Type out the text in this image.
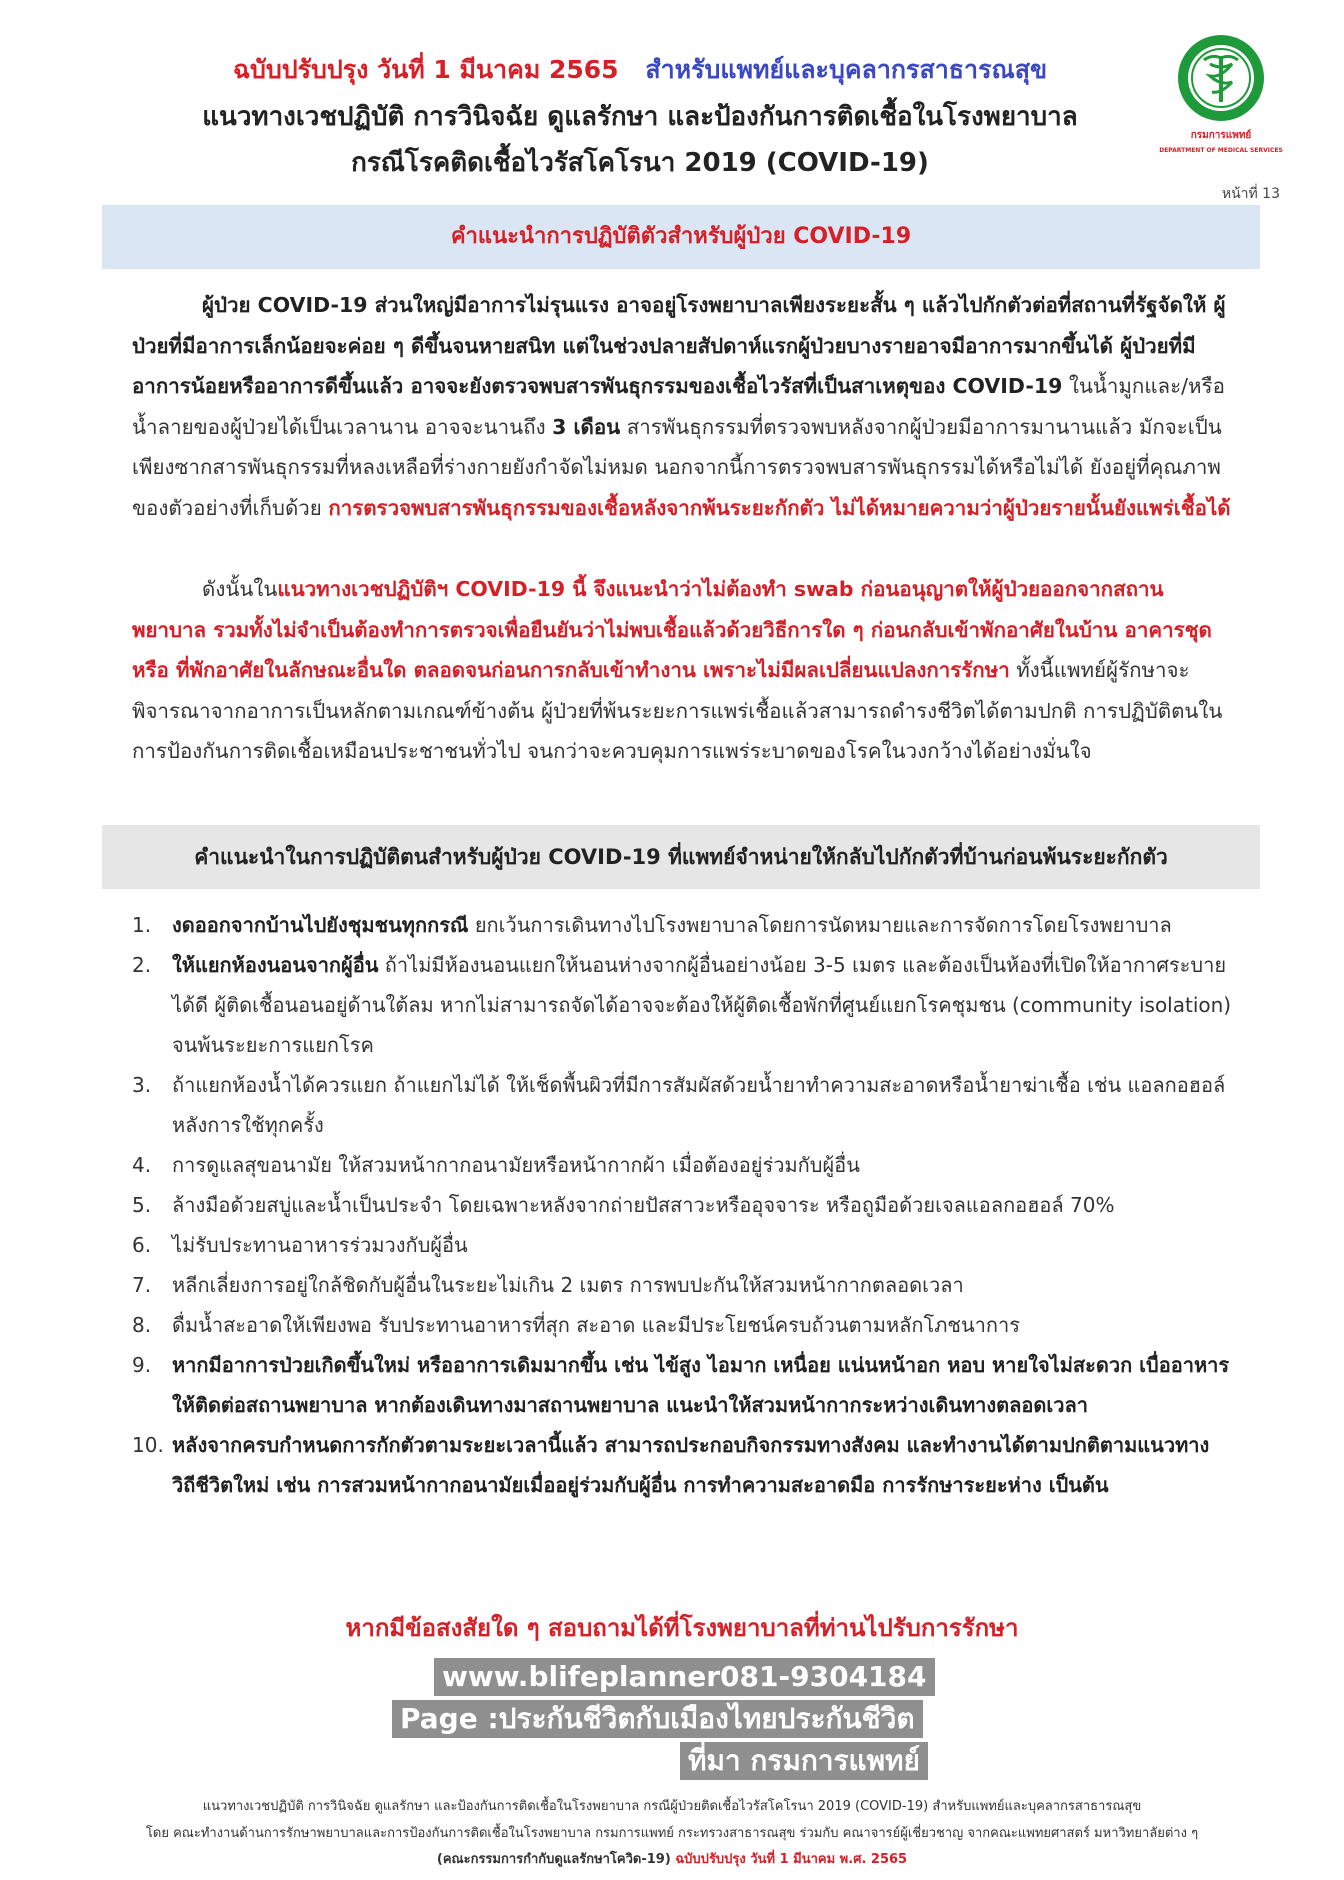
ฉบับปรับปรุง วันที่ 1 มีนาคม 2565 สำหรับแพทย์และบุคลากรสาธารณสุข
แนวทางเวชปฏิบัติ การวินิจฉัย ดูแลรักษา และป้องกันการติดเชื้อในโรงพยาบาล
กรณีโรคติดเชื้อไวรัสโคโรนา 2019 (COVID-19)
กรมการแพทย์
DEPARTMENT OF MEDICAL SERVICES
หน้าที่ 13
คำแนะนำการปฏิบัติตัวสำหรับผู้ป่วย COVID-19
ผู้ป่วย COVID-19 ส่วนใหญ่มีอาการไม่รุนแรง อาจอยู่โรงพยาบาลเพียงระยะสั้น ๆ แล้วไปกักตัวต่อที่สถานที่รัฐจัดให้ ผู้ป่วยที่มีอาการเล็กน้อยจะค่อย ๆ ดีขึ้นจนหายสนิท แต่ในช่วงปลายสัปดาห์แรกผู้ป่วยบางรายอาจมีอาการมากขึ้นได้ ผู้ป่วยที่มีอาการน้อยหรืออาการดีขึ้นแล้ว อาจจะยังตรวจพบสารพันธุกรรมของเชื้อไวรัสที่เป็นสาเหตุของ COVID-19 ในน้ำมูกและ/หรือน้ำลายของผู้ป่วยได้เป็นเวลานาน อาจจะนานถึง 3 เดือน สารพันธุกรรมที่ตรวจพบหลังจากผู้ป่วยมีอาการมานานแล้ว มักจะเป็นเพียงซากสารพันธุกรรมที่หลงเหลือที่ร่างกายยังกำจัดไม่หมด นอกจากนี้การตรวจพบสารพันธุกรรมได้หรือไม่ได้ ยังอยู่ที่คุณภาพของตัวอย่างที่เก็บด้วย การตรวจพบสารพันธุกรรมของเชื้อหลังจากพ้นระยะกักตัว ไม่ได้หมายความว่าผู้ป่วยรายนั้นยังแพร่เชื้อได้
ดังนั้นในแนวทางเวชปฏิบัติฯ COVID-19 นี้ จึงแนะนำว่าไม่ต้องทำ swab ก่อนอนุญาตให้ผู้ป่วยออกจากสถานพยาบาล รวมทั้งไม่จำเป็นต้องทำการตรวจเพื่อยืนยันว่าไม่พบเชื้อแล้วด้วยวิธีการใด ๆ ก่อนกลับเข้าพักอาศัยในบ้าน อาคารชุด หรือ ที่พักอาศัยในลักษณะอื่นใด ตลอดจนก่อนการกลับเข้าทำงาน เพราะไม่มีผลเปลี่ยนแปลงการรักษา ทั้งนี้แพทย์ผู้รักษาจะพิจารณาจากอาการเป็นหลักตามเกณฑ์ข้างต้น ผู้ป่วยที่พ้นระยะการแพร่เชื้อแล้วสามารถดำรงชีวิตได้ตามปกติ การปฏิบัติตนในการป้องกันการติดเชื้อเหมือนประชาชนทั่วไป จนกว่าจะควบคุมการแพร่ระบาดของโรคในวงกว้างได้อย่างมั่นใจ
คำแนะนำในการปฏิบัติตนสำหรับผู้ป่วย COVID-19 ที่แพทย์จำหน่ายให้กลับไปกักตัวที่บ้านก่อนพ้นระยะกักตัว
1. งดออกจากบ้านไปยังชุมชนทุกกรณี ยกเว้นการเดินทางไปโรงพยาบาลโดยการนัดหมายและการจัดการโดยโรงพยาบาล
2. ให้แยกห้องนอนจากผู้อื่น ถ้าไม่มีห้องนอนแยกให้นอนห่างจากผู้อื่นอย่างน้อย 3-5 เมตร และต้องเป็นห้องที่เปิดให้อากาศระบายได้ดี ผู้ติดเชื้อนอนอยู่ด้านใต้ลม หากไม่สามารถจัดได้อาจจะต้องให้ผู้ติดเชื้อพักที่ศูนย์แยกโรคชุมชน (community isolation) จนพ้นระยะการแยกโรค
3. ถ้าแยกห้องน้ำได้ควรแยก ถ้าแยกไม่ได้ ให้เช็ดพื้นผิวที่มีการสัมผัสด้วยน้ำยาทำความสะอาดหรือน้ำยาฆ่าเชื้อ เช่น แอลกอฮอล์หลังการใช้ทุกครั้ง
4. การดูแลสุขอนามัย ให้สวมหน้ากากอนามัยหรือหน้ากากผ้า เมื่อต้องอยู่ร่วมกับผู้อื่น
5. ล้างมือด้วยสบู่และน้ำเป็นประจำ โดยเฉพาะหลังจากถ่ายปัสสาวะหรืออุจจาระ หรือถูมือด้วยเจลแอลกอฮอล์ 70%
6. ไม่รับประทานอาหารร่วมวงกับผู้อื่น
7. หลีกเลี่ยงการอยู่ใกล้ชิดกับผู้อื่นในระยะไม่เกิน 2 เมตร การพบปะกันให้สวมหน้ากากตลอดเวลา
8. ดื่มน้ำสะอาดให้เพียงพอ รับประทานอาหารที่สุก สะอาด และมีประโยชน์ครบถ้วนตามหลักโภชนาการ
9. หากมีอาการป่วยเกิดขึ้นใหม่ หรืออาการเดิมมากขึ้น เช่น ไข้สูง ไอมาก เหนื่อย แน่นหน้าอก หอบ หายใจไม่สะดวก เบื่ออาหาร ให้ติดต่อสถานพยาบาล หากต้องเดินทางมาสถานพยาบาล แนะนำให้สวมหน้ากากระหว่างเดินทางตลอดเวลา
10. หลังจากครบกำหนดการกักตัวตามระยะเวลานี้แล้ว สามารถประกอบกิจกรรมทางสังคม และทำงานได้ตามปกติตามแนวทางวิถีชีวิตใหม่ เช่น การสวมหน้ากากอนามัยเมื่ออยู่ร่วมกับผู้อื่น การทำความสะอาดมือ การรักษาระยะห่าง เป็นต้น
หากมีข้อสงสัยใด ๆ สอบถามได้ที่โรงพยาบาลที่ท่านไปรับการรักษา
www.blifeplanner081-9304184
Page :ประกันชีวิตกับเมืองไทยประกันชีวิต
ที่มา กรมการแพทย์
แนวทางเวชปฏิบัติ การวินิจฉัย ดูแลรักษา และป้องกันการติดเชื้อในโรงพยาบาล กรณีผู้ป่วยติดเชื้อไวรัสโคโรนา 2019 (COVID-19) สำหรับแพทย์และบุคลากรสาธารณสุข
โดย คณะทำงานด้านการรักษาพยาบาลและการป้องกันการติดเชื้อในโรงพยาบาล กรมการแพทย์ กระทรวงสาธารณสุข ร่วมกับ คณาจารย์ผู้เชี่ยวชาญ จากคณะแพทยศาสตร์ มหาวิทยาลัยต่าง ๆ
(คณะกรรมการกำกับดูแลรักษาโควิด-19) ฉบับปรับปรุง วันที่ 1 มีนาคม พ.ศ. 2565
